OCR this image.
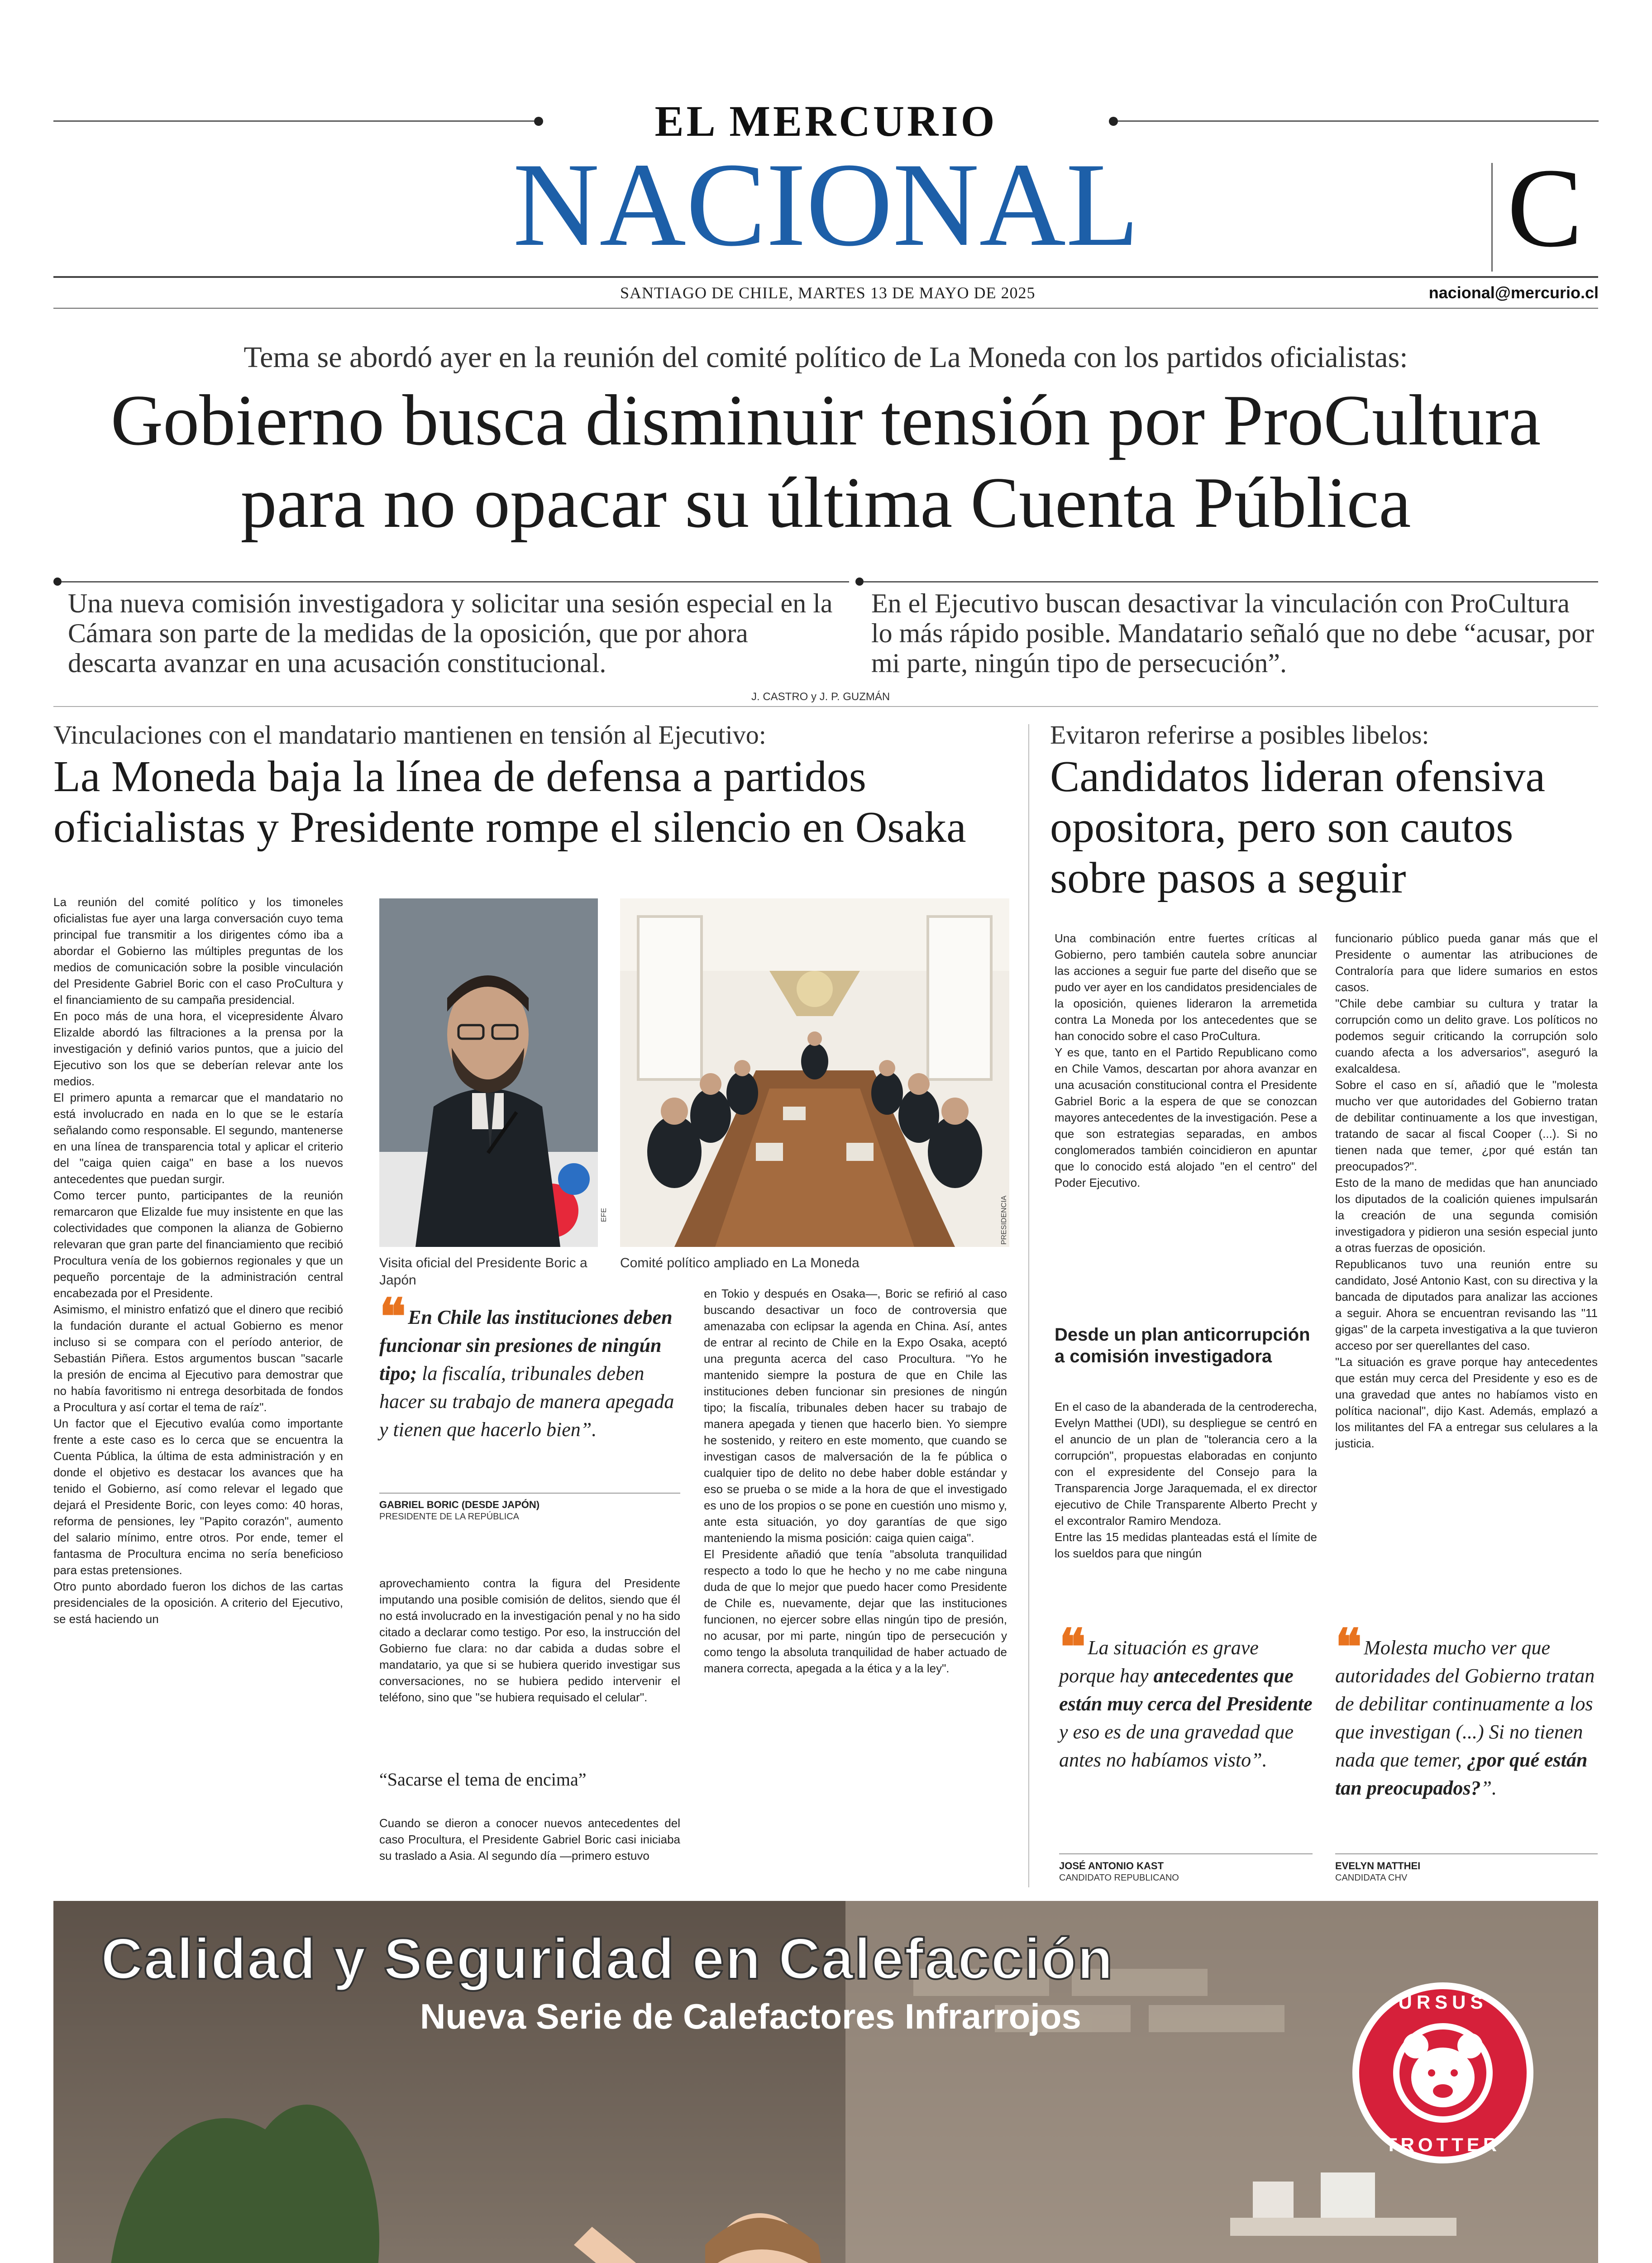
EL MERCURIO
NACIONAL	C
SANTIAGO DE CHILE, MARTES 13 DE MAYO DE 2025	nacional@mercurio.cl
Tema se abordó ayer en la reunión del comité político de La Moneda con los partidos oficialistas:
Gobierno busca disminuir tensión por ProCultura
para no opacar su última Cuenta Pública
Una nueva comisión investigadora y solicitar una sesión especial en la Cámara son parte de la medidas de la oposición, que por ahora descarta avanzar en una acusación constitucional.
En el Ejecutivo buscan desactivar la vinculación con ProCultura lo más rápido posible. Mandatario señaló que no debe “acusar, por mi parte, ningún tipo de persecución”.
J. CASTRO y J. P. GUZMÁN
Vinculaciones con el mandatario mantienen en tensión al Ejecutivo:
La Moneda baja la línea de defensa a partidos
oficialistas y Presidente rompe el silencio en Osaka
La reunión del comité político y los timoneles oficialistas fue ayer una larga conversación cuyo tema principal fue transmitir a los dirigentes cómo iba a abordar el Gobierno las múltiples preguntas de los medios de comunicación sobre la posible vinculación del Presidente Gabriel Boric con el caso ProCultura y el financiamiento de su campaña presidencial.
En poco más de una hora, el vicepresidente Álvaro Elizalde abordó las filtraciones a la prensa por la investigación y definió varios puntos, que a juicio del Ejecutivo son los que se deberían relevar ante los medios.
El primero apunta a remarcar que el mandatario no está involucrado en nada en lo que se le estaría señalando como responsable. El segundo, mantenerse en una línea de transparencia total y aplicar el criterio del "caiga quien caiga" en base a los nuevos antecedentes que puedan surgir.
Como tercer punto, participantes de la reunión remarcaron que Elizalde fue muy insistente en que las colectividades que componen la alianza de Gobierno relevaran que gran parte del financiamiento que recibió Procultura venía de los gobiernos regionales y que un pequeño porcentaje de la administración central encabezada por el Presidente.
Asimismo, el ministro enfatizó que el dinero que recibió la fundación durante el actual Gobierno es menor incluso si se compara con el período anterior, de Sebastián Piñera. Estos argumentos buscan "sacarle la presión de encima al Ejecutivo para demostrar que no había favoritismo ni entrega desorbitada de fondos a Procultura y así cortar el tema de raíz".
Un factor que el Ejecutivo evalúa como importante frente a este caso es lo cerca que se encuentra la Cuenta Pública, la última de esta administración y en donde el objetivo es destacar los avances que ha tenido el Gobierno, así como relevar el legado que dejará el Presidente Boric, con leyes como: 40 horas, reforma de pensiones, ley "Papito corazón", aumento del salario mínimo, entre otros. Por ende, temer el fantasma de Procultura encima no sería beneficioso para estas pretensiones.
Otro punto abordado fueron los dichos de las cartas presidenciales de la oposición. A criterio del Ejecutivo, se está haciendo un
EFE
Visita oficial del Presidente Boric a Japón
PRESIDENCIA
Comité político ampliado en La Moneda
❝ En Chile las instituciones deben funcionar sin presiones de ningún tipo; la fiscalía, tribunales deben hacer su trabajo de manera apegada y tienen que hacerlo bien”.
GABRIEL BORIC (DESDE JAPÓN)
PRESIDENTE DE LA REPÚBLICA
aprovechamiento contra la figura del Presidente imputando una posible comisión de delitos, siendo que él no está involucrado en la investigación penal y no ha sido citado a declarar como testigo. Por eso, la instrucción del Gobierno fue clara: no dar cabida a dudas sobre el mandatario, ya que si se hubiera querido investigar sus conversaciones, no se hubiera pedido intervenir el teléfono, sino que "se hubiera requisado el celular".
“Sacarse el tema de encima”
Cuando se dieron a conocer nuevos antecedentes del caso Procultura, el Presidente Gabriel Boric casi iniciaba su traslado a Asia. Al segundo día —primero estuvo
en Tokio y después en Osaka—, Boric se refirió al caso buscando desactivar un foco de controversia que amenazaba con eclipsar la agenda en China. Así, antes de entrar al recinto de Chile en la Expo Osaka, aceptó una pregunta acerca del caso Procultura. "Yo he mantenido siempre la postura de que en Chile las instituciones deben funcionar sin presiones de ningún tipo; la fiscalía, tribunales deben hacer su trabajo de manera apegada y tienen que hacerlo bien. Yo siempre he sostenido, y reitero en este momento, que cuando se investigan casos de malversación de la fe pública o cualquier tipo de delito no debe haber doble estándar y eso se prueba o se mide a la hora de que el investigado es uno de los propios o se pone en cuestión uno mismo y, ante esta situación, yo doy garantías de que sigo manteniendo la misma posición: caiga quien caiga".
El Presidente añadió que tenía "absoluta tranquilidad respecto a todo lo que he hecho y no me cabe ninguna duda de que lo mejor que puedo hacer como Presidente de Chile es, nuevamente, dejar que las instituciones funcionen, no ejercer sobre ellas ningún tipo de presión, no acusar, por mi parte, ningún tipo de persecución y como tengo la absoluta tranquilidad de haber actuado de manera correcta, apegada a la ética y a la ley".
Evitaron referirse a posibles libelos:
Candidatos lideran ofensiva
opositora, pero son cautos
sobre pasos a seguir
Una combinación entre fuertes críticas al Gobierno, pero también cautela sobre anunciar las acciones a seguir fue parte del diseño que se pudo ver ayer en los candidatos presidenciales de la oposición, quienes lideraron la arremetida contra La Moneda por los antecedentes que se han conocido sobre el caso ProCultura.
Y es que, tanto en el Partido Republicano como en Chile Vamos, descartan por ahora avanzar en una acusación constitucional contra el Presidente Gabriel Boric a la espera de que se conozcan mayores antecedentes de la investigación. Pese a que son estrategias separadas, en ambos conglomerados también coincidieron en apuntar que lo conocido está alojado "en el centro" del Poder Ejecutivo.
Desde un plan anticorrupción a comisión investigadora
En el caso de la abanderada de la centroderecha, Evelyn Matthei (UDI), su despliegue se centró en el anuncio de un plan de "tolerancia cero a la corrupción", propuestas elaboradas en conjunto con el expresidente del Consejo para la Transparencia Jorge Jaraquemada, el ex director ejecutivo de Chile Transparente Alberto Precht y el excontralor Ramiro Mendoza.
Entre las 15 medidas planteadas está el límite de los sueldos para que ningún
funcionario público pueda ganar más que el Presidente o aumentar las atribuciones de Contraloría para que lidere sumarios en estos casos.
"Chile debe cambiar su cultura y tratar la corrupción como un delito grave. Los políticos no podemos seguir criticando la corrupción solo cuando afecta a los adversarios", aseguró la exalcaldesa.
Sobre el caso en sí, añadió que le "molesta mucho ver que autoridades del Gobierno tratan de debilitar continuamente a los que investigan, tratando de sacar al fiscal Cooper (...). Si no tienen nada que temer, ¿por qué están tan preocupados?".
Esto de la mano de medidas que han anunciado los diputados de la coalición quienes impulsarán la creación de una segunda comisión investigadora y pidieron una sesión especial junto a otras fuerzas de oposición.
Republicanos tuvo una reunión entre su candidato, José Antonio Kast, con su directiva y la bancada de diputados para analizar las acciones a seguir. Ahora se encuentran revisando las "11 gigas" de la carpeta investigativa a la que tuvieron acceso por ser querellantes del caso.
"La situación es grave porque hay antecedentes que están muy cerca del Presidente y eso es de una gravedad que antes no habíamos visto en política nacional", dijo Kast. Además, emplazó a los militantes del FA a entregar sus celulares a la justicia.
❝ La situación es grave porque hay antecedentes que están muy cerca del Presidente y eso es de una gravedad que antes no habíamos visto”.
JOSÉ ANTONIO KAST
CANDIDATO REPUBLICANO
❝ Molesta mucho ver que autoridades del Gobierno tratan de debilitar continuamente a los que investigan (...) Si no tienen nada que temer, ¿por qué están tan preocupados?”.
EVELYN MATTHEI
CANDIDATA CHV
Calidad y Seguridad en Calefacción
Nueva Serie de Calefactores Infrarrojos	URSUS
TROTTER
